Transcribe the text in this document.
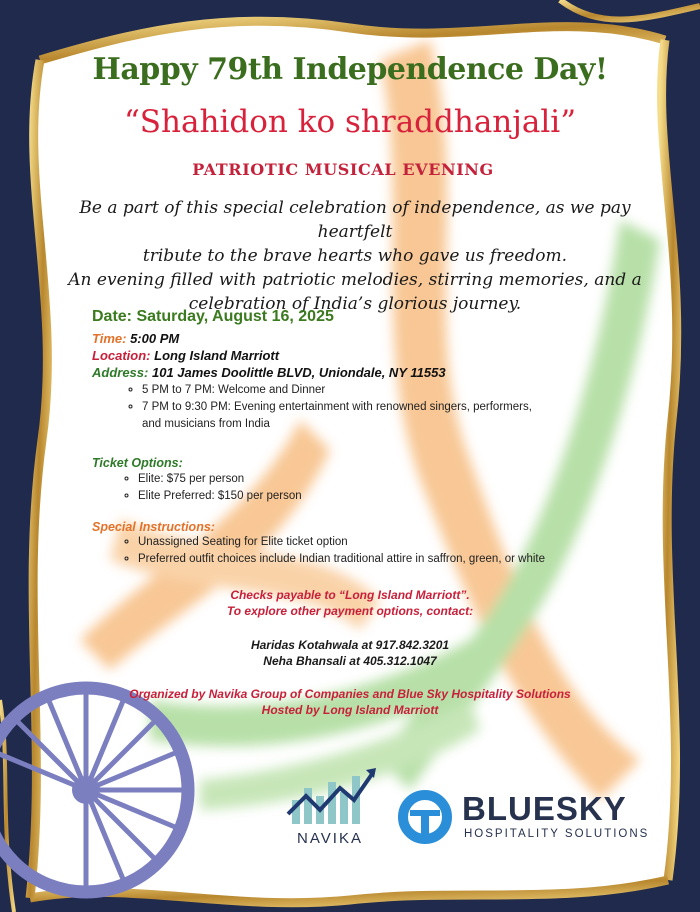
Happy 79th Independence Day!
“Shahidon ko shraddhanjali”
PATRIOTIC MUSICAL EVENING

Be a part of this special celebration of independence, as we pay heartfelt

tribute to the brave hearts who gave us freedom.

An evening filled with patriotic melodies, stirring memories, and a

celebration of India’s glorious journey.

Date: Saturday, August 16, 2025
Time: 5:00 PM
Location: Long Island Marriott
Address: 101 James Doolittle BLVD, Uniondale, NY 11553
◦ 5 PM to 7 PM: Welcome and Dinner
◦ 7 PM to 9:30 PM: Evening entertainment with renowned singers, performers,
and musicians from India
Ticket Options:
◦ Elite: $75 per person
◦ Elite Preferred: $150 per person
Special Instructions:
◦ Unassigned Seating for Elite ticket option
◦ Preferred outfit choices include Indian traditional attire in saffron, green, or white
Checks payable to “Long Island Marriott”.
To explore other payment options, contact:
Haridas Kotahwala at 917.842.3201
Neha Bhansali at 405.312.1047
Organized by Navika Group of Companies and Blue Sky Hospitality Solutions
Hosted by Long Island Marriott
NAVIKA
BLUESKY
HOSPITALITY SOLUTIONS
